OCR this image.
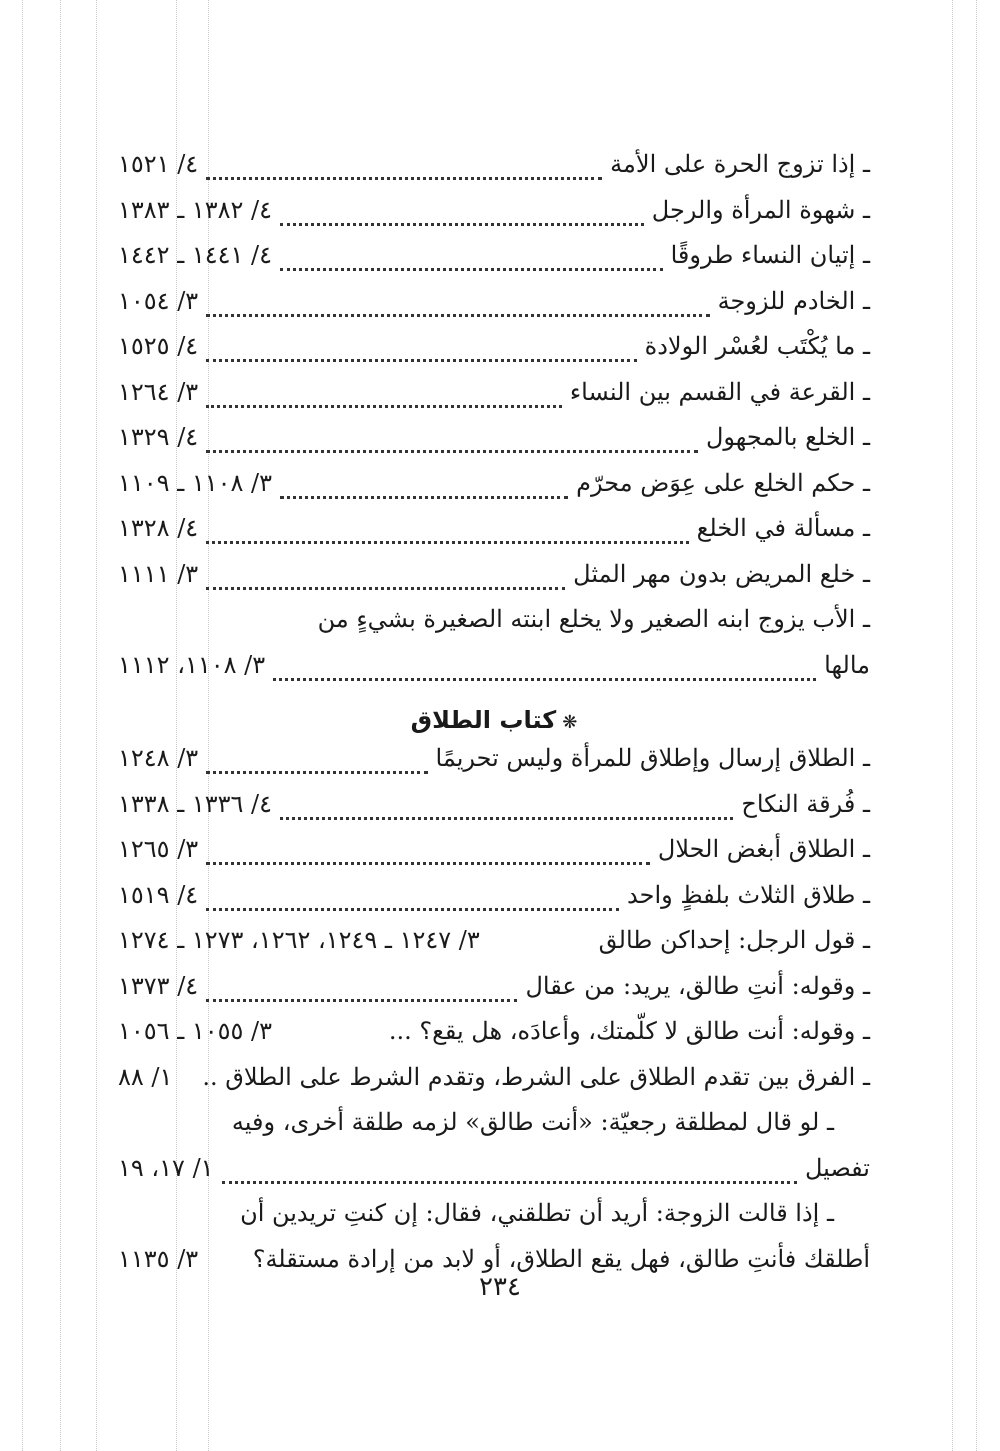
ـ إذا تزوج الحرة على الأمة
٤/ ١٥٢١
ـ شهوة المرأة والرجل
٤/ ١٣٨٢ ـ ١٣٨٣
ـ إتيان النساء طروقًا
٤/ ١٤٤١ ـ ١٤٤٢
ـ الخادم للزوجة
٣/ ١٠٥٤
ـ ما يُكْتَب لعُسْر الولادة
٤/ ١٥٢٥
ـ القرعة في القسم بين النساء
٣/ ١٢٦٤
ـ الخلع بالمجهول
٤/ ١٣٢٩
ـ حكم الخلع على عِوَض محرّم
٣/ ١١٠٨ ـ ١١٠٩
ـ مسألة في الخلع
٤/ ١٣٢٨
ـ خلع المريض بدون مهر المثل
٣/ ١١١١
ـ الأب يزوج ابنه الصغير ولا يخلع ابنته الصغيرة بشيءٍ من
مالها
٣/ ١١٠٨، ١١١٢
❋كتاب الطلاق
ـ الطلاق إرسال وإطلاق للمرأة وليس تحريمًا
٣/ ١٢٤٨
ـ فُرقة النكاح
٤/ ١٣٣٦ ـ ١٣٣٨
ـ الطلاق أبغض الحلال
٣/ ١٢٦٥
ـ طلاق الثلاث بلفظٍ واحد
٤/ ١٥١٩
ـ قول الرجل: إحداكن طالق
٣/ ١٢٤٧ ـ ١٢٤٩، ١٢٦٢، ١٢٧٣ ـ ١٢٧٤
ـ وقوله: أنتِ طالق، يريد: من عقال
٤/ ١٣٧٣
ـ وقوله: أنت طالق لا كلّمتك، وأعادَه، هل يقع؟ ...
٣/ ١٠٥٥ ـ ١٠٥٦
ـ الفرق بين تقدم الطلاق على الشرط، وتقدم الشرط على الطلاق ..
١/ ٨٨
ـ لو قال لمطلقة رجعيّة: «أنت طالق» لزمه طلقة أخرى، وفيه
تفصيل
١/ ١٧، ١٩
ـ إذا قالت الزوجة: أريد أن تطلقني، فقال: إن كنتِ تريدين أن
أطلقك فأنتِ طالق، فهل يقع الطلاق، أو لابد من إرادة مستقلة؟
٣/ ١١٣٥
٢٣٤
